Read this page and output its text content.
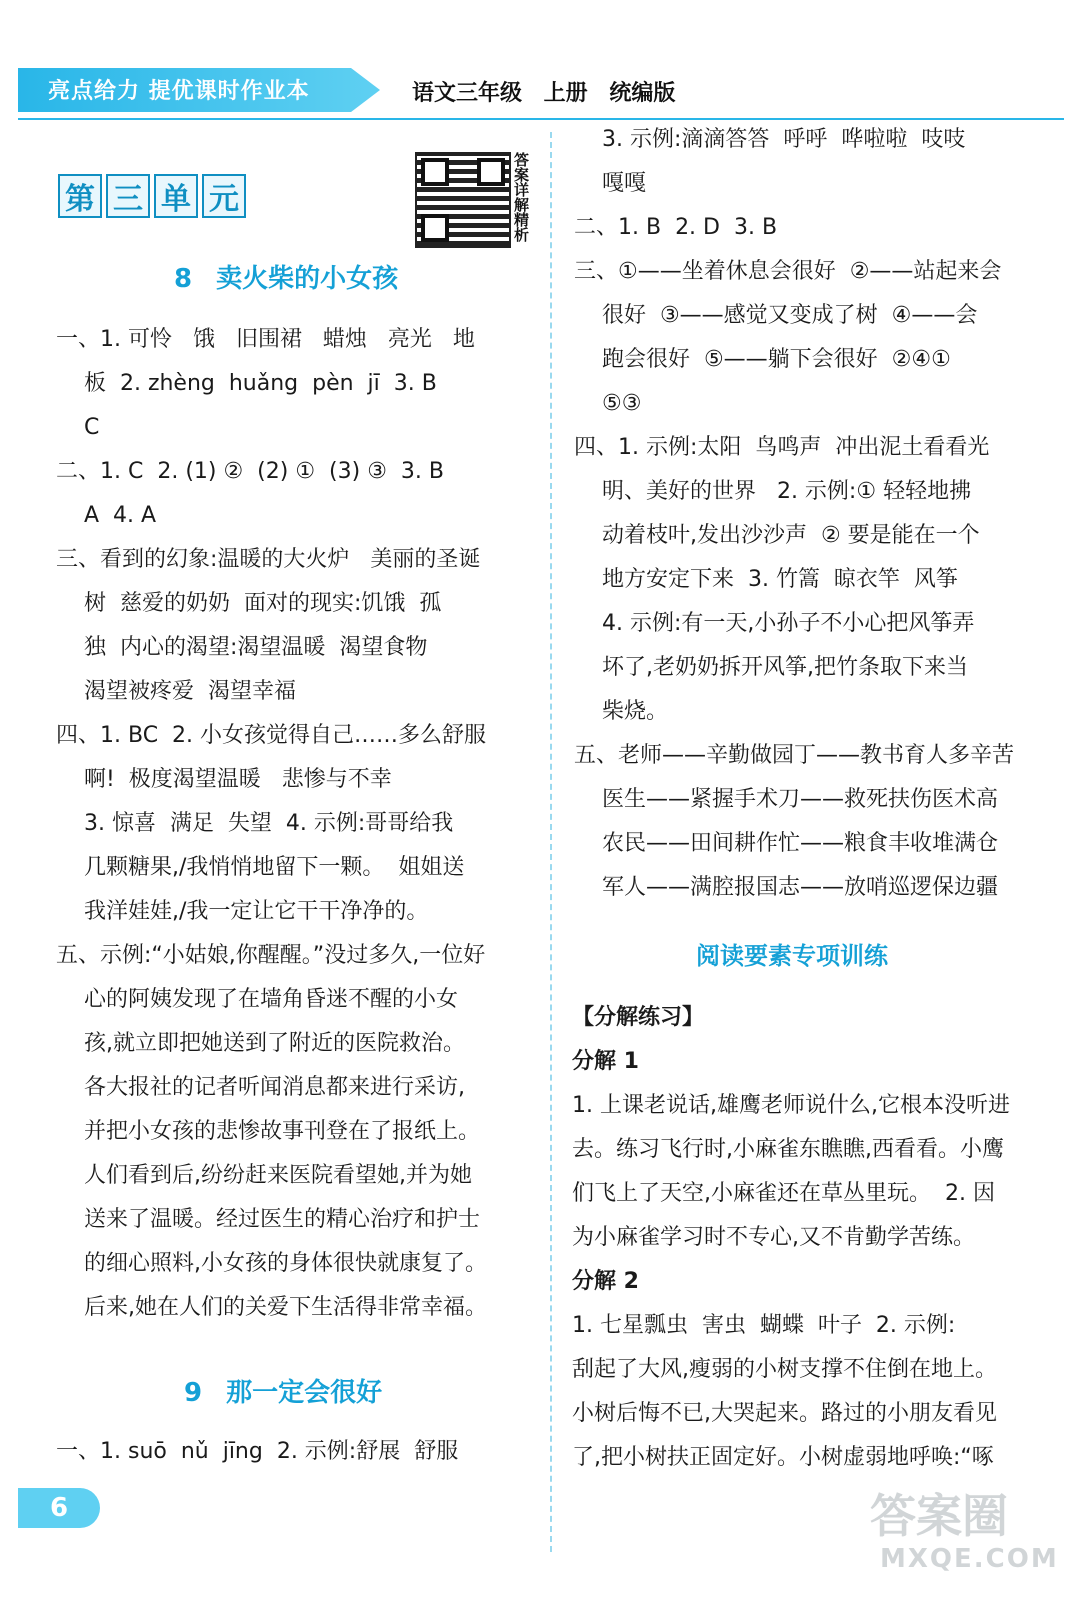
亮点给力 提优课时作业本	语文三年级 上册 统编版
第 三 单 元	答案详解精析
8 卖火柴的小女孩
一、1. 可怜   饿   旧围裙   蜡烛   亮光   地
板  2. zhèng  huǎng  pèn  jī  3. B
C
二、1. C  2. (1) ②  (2) ①  (3) ③  3. B
A  4. A
三、看到的幻象:温暖的大火炉   美丽的圣诞
树  慈爱的奶奶  面对的现实:饥饿  孤
独  内心的渴望:渴望温暖  渴望食物
渴望被疼爱  渴望幸福
四、1. BC  2. 小女孩觉得自己……多么舒服
啊!  极度渴望温暖   悲惨与不幸
3. 惊喜  满足  失望  4. 示例:哥哥给我
几颗糖果,/我悄悄地留下一颗。  姐姐送
我洋娃娃,/我一定让它干干净净的。
五、示例:“小姑娘,你醒醒。”没过多久,一位好
心的阿姨发现了在墙角昏迷不醒的小女
孩,就立即把她送到了附近的医院救治。
各大报社的记者听闻消息都来进行采访,
并把小女孩的悲惨故事刊登在了报纸上。
人们看到后,纷纷赶来医院看望她,并为她
送来了温暖。经过医生的精心治疗和护士
的细心照料,小女孩的身体很快就康复了。
后来,她在人们的关爱下生活得非常幸福。
9 那一定会很好
一、1. suō  nǔ  jīng  2. 示例:舒展  舒服
3. 示例:滴滴答答  呼呼  哗啦啦  吱吱
嘎嘎
二、1. B  2. D  3. B
三、①——坐着休息会很好  ②——站起来会
很好  ③——感觉又变成了树  ④——会
跑会很好  ⑤——躺下会很好  ②④①
⑤③
四、1. 示例:太阳  鸟鸣声  冲出泥土看看光
明、美好的世界   2. 示例:① 轻轻地拂
动着枝叶,发出沙沙声  ② 要是能在一个
地方安定下来  3. 竹篙  晾衣竿  风筝
4. 示例:有一天,小孙子不小心把风筝弄
坏了,老奶奶拆开风筝,把竹条取下来当
柴烧。
五、老师——辛勤做园丁——教书育人多辛苦
医生——紧握手术刀——救死扶伤医术高
农民——田间耕作忙——粮食丰收堆满仓
军人——满腔报国志——放哨巡逻保边疆
阅读要素专项训练
【分解练习】
分解 1
1. 上课老说话,雄鹰老师说什么,它根本没听进
去。练习飞行时,小麻雀东瞧瞧,西看看。小鹰
们飞上了天空,小麻雀还在草丛里玩。  2. 因
为小麻雀学习时不专心,又不肯勤学苦练。
分解 2
1. 七星瓢虫  害虫  蝴蝶  叶子  2. 示例:
刮起了大风,瘦弱的小树支撑不住倒在地上。
小树后悔不已,大哭起来。路过的小朋友看见
了,把小树扶正固定好。小树虚弱地呼唤:“啄
6	答案圈
MXQE.COM
